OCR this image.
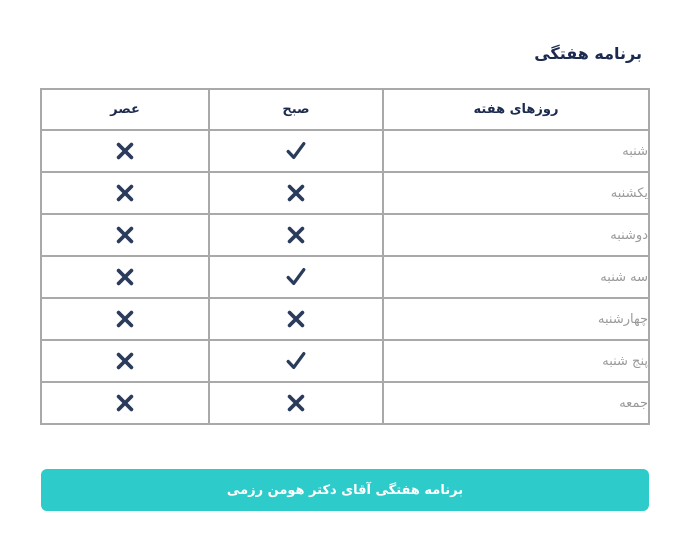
برنامه هفتگی
عصر	صبح	روزهای هفته

	شنبه

	یکشنبه

	دوشنبه

	سه شنبه

	چهارشنبه

	پنج شنبه

	جمعه
برنامه هفتگی آقای دکتر هومن رزمی
